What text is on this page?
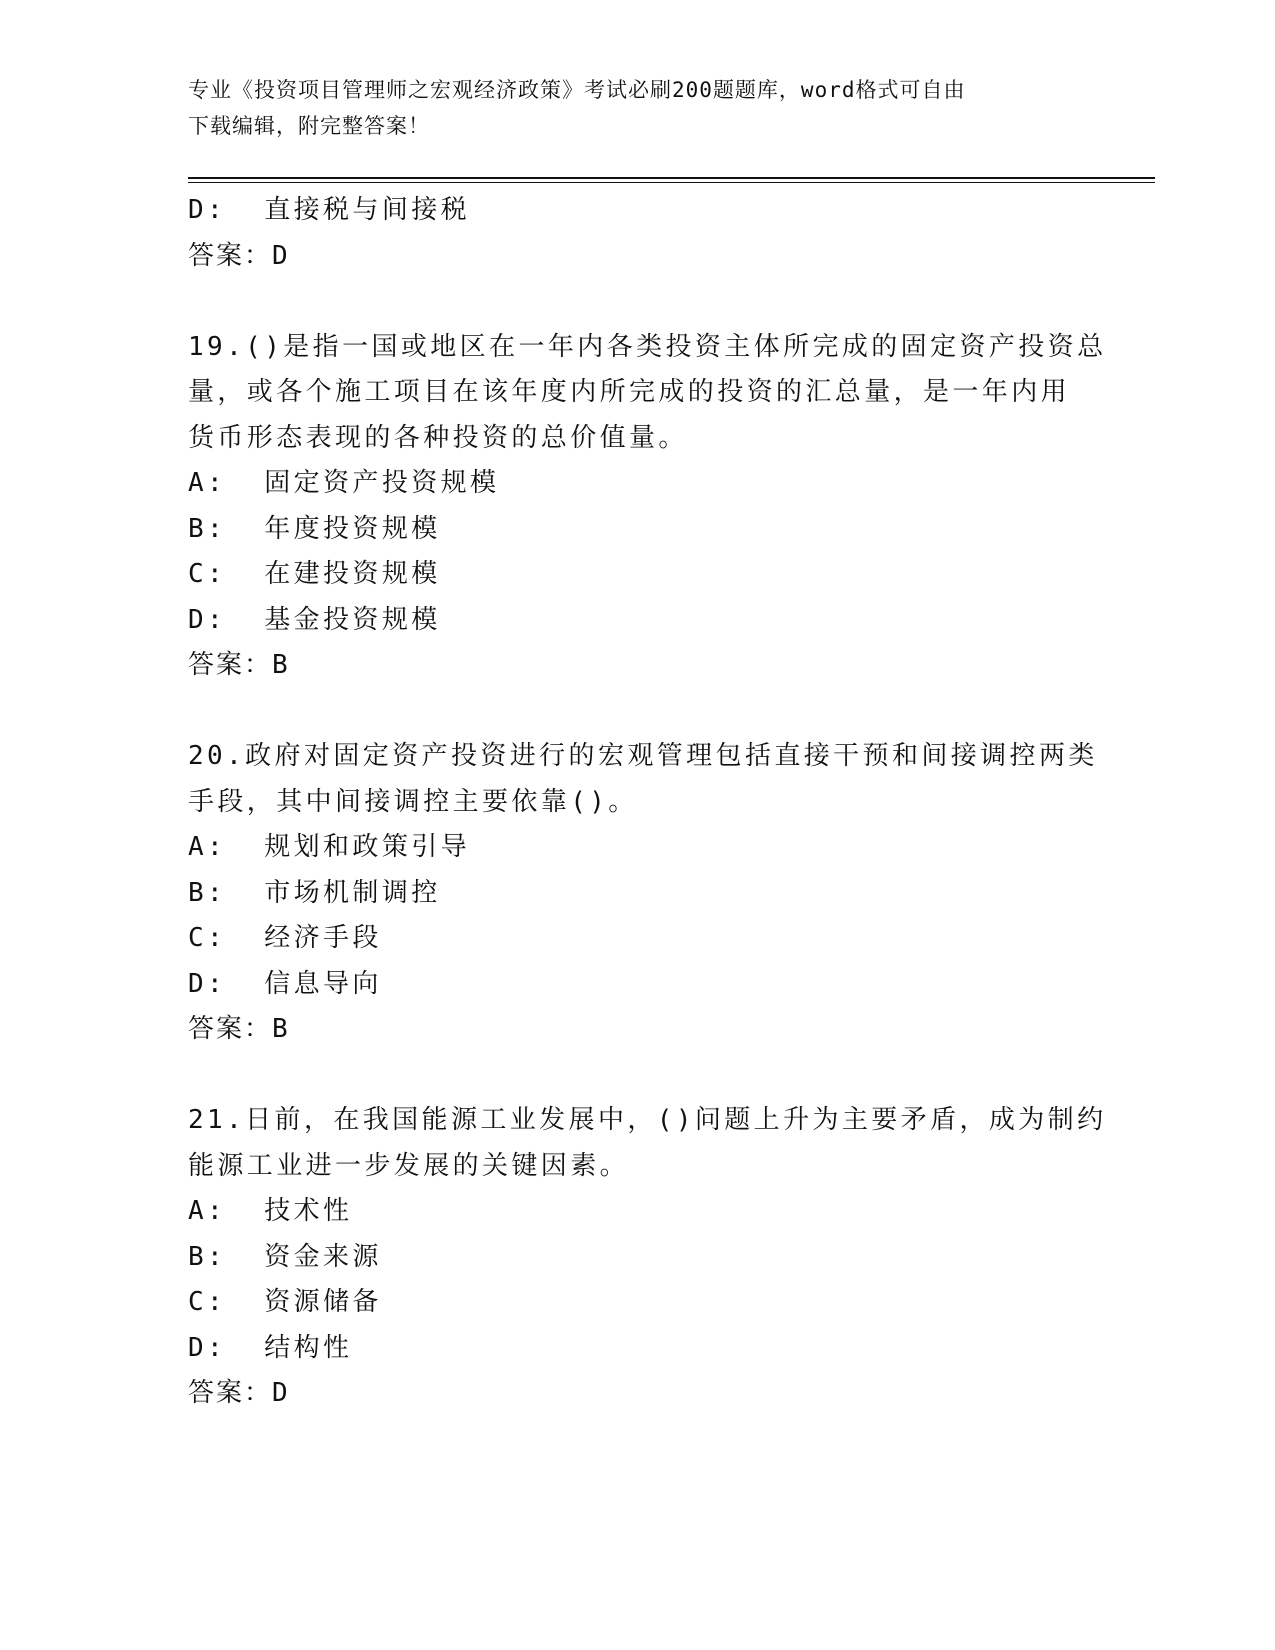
专业《投资项目管理师之宏观经济政策》考试必刷200题题库，word格式可自由
下载编辑，附完整答案！
D:  直接税与间接税
答案：D
19.()是指一国或地区在一年内各类投资主体所完成的固定资产投资总
量，或各个施工项目在该年度内所完成的投资的汇总量，是一年内用
货币形态表现的各种投资的总价值量。
A:  固定资产投资规模
B:  年度投资规模
C:  在建投资规模
D:  基金投资规模
答案：B
20.政府对固定资产投资进行的宏观管理包括直接干预和间接调控两类
手段，其中间接调控主要依靠()。
A:  规划和政策引导
B:  市场机制调控
C:  经济手段
D:  信息导向
答案：B
21.日前，在我国能源工业发展中，()问题上升为主要矛盾，成为制约
能源工业进一步发展的关键因素。
A:  技术性
B:  资金来源
C:  资源储备
D:  结构性
答案：D
